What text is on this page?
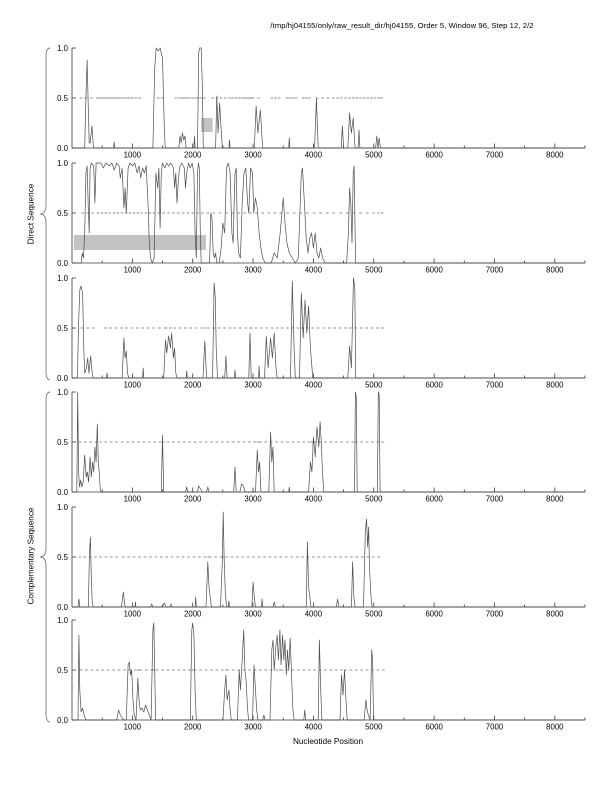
/tmp/hj04155/only/raw_result_dir/hj04155, Order 5, Window 96, Step 12, 2/2
1000	2000	3000	4000	5000	6000	7000	8000
0.0
0.5
1.0
1000	2000	3000	4000	5000	6000	7000	8000
0.0
0.5
1.0
1000	2000	3000	4000	5000	6000	7000	8000
0.0
0.5
1.0
1000	2000	3000	4000	5000	6000	7000	8000
0.0
0.5
1.0
1000	2000	3000	4000	5000	6000	7000	8000
0.0
0.5
1.0
1000	2000	3000	4000	5000	6000	7000	8000
0.0
0.5
1.0
Direct Sequence
Complementary Sequence
Nucleotide Position
